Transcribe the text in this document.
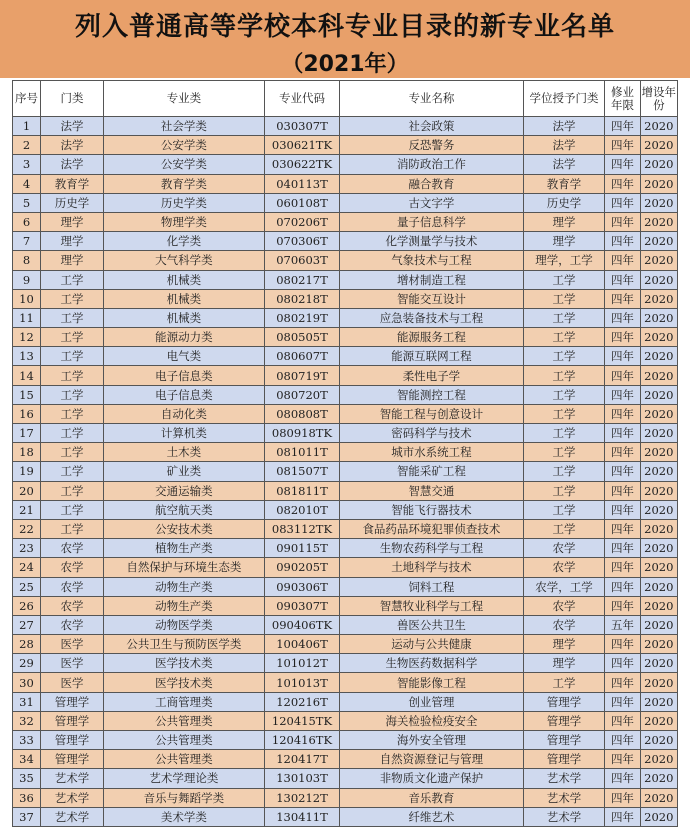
列入普通高等学校本科专业目录的新专业名单
（2021年）
序号	门类	专业类	专业代码	专业名称	学位授予门类	修业年限	增设年份
1	法学	社会学类	030307T	社会政策	法学	四年	2020
2	法学	公安学类	030621TK	反恐警务	法学	四年	2020
3	法学	公安学类	030622TK	消防政治工作	法学	四年	2020
4	教育学	教育学类	040113T	融合教育	教育学	四年	2020
5	历史学	历史学类	060108T	古文字学	历史学	四年	2020
6	理学	物理学类	070206T	量子信息科学	理学	四年	2020
7	理学	化学类	070306T	化学测量学与技术	理学	四年	2020
8	理学	大气科学类	070603T	气象技术与工程	理学，工学	四年	2020
9	工学	机械类	080217T	增材制造工程	工学	四年	2020
10	工学	机械类	080218T	智能交互设计	工学	四年	2020
11	工学	机械类	080219T	应急装备技术与工程	工学	四年	2020
12	工学	能源动力类	080505T	能源服务工程	工学	四年	2020
13	工学	电气类	080607T	能源互联网工程	工学	四年	2020
14	工学	电子信息类	080719T	柔性电子学	工学	四年	2020
15	工学	电子信息类	080720T	智能测控工程	工学	四年	2020
16	工学	自动化类	080808T	智能工程与创意设计	工学	四年	2020
17	工学	计算机类	080918TK	密码科学与技术	工学	四年	2020
18	工学	土木类	081011T	城市水系统工程	工学	四年	2020
19	工学	矿业类	081507T	智能采矿工程	工学	四年	2020
20	工学	交通运输类	081811T	智慧交通	工学	四年	2020
21	工学	航空航天类	082010T	智能飞行器技术	工学	四年	2020
22	工学	公安技术类	083112TK	食品药品环境犯罪侦查技术	工学	四年	2020
23	农学	植物生产类	090115T	生物农药科学与工程	农学	四年	2020
24	农学	自然保护与环境生态类	090205T	土地科学与技术	农学	四年	2020
25	农学	动物生产类	090306T	饲料工程	农学，工学	四年	2020
26	农学	动物生产类	090307T	智慧牧业科学与工程	农学	四年	2020
27	农学	动物医学类	090406TK	兽医公共卫生	农学	五年	2020
28	医学	公共卫生与预防医学类	100406T	运动与公共健康	理学	四年	2020
29	医学	医学技术类	101012T	生物医药数据科学	理学	四年	2020
30	医学	医学技术类	101013T	智能影像工程	工学	四年	2020
31	管理学	工商管理类	120216T	创业管理	管理学	四年	2020
32	管理学	公共管理类	120415TK	海关检验检疫安全	管理学	四年	2020
33	管理学	公共管理类	120416TK	海外安全管理	管理学	四年	2020
34	管理学	公共管理类	120417T	自然资源登记与管理	管理学	四年	2020
35	艺术学	艺术学理论类	130103T	非物质文化遗产保护	艺术学	四年	2020
36	艺术学	音乐与舞蹈学类	130212T	音乐教育	艺术学	四年	2020
37	艺术学	美术学类	130411T	纤维艺术	艺术学	四年	2020
